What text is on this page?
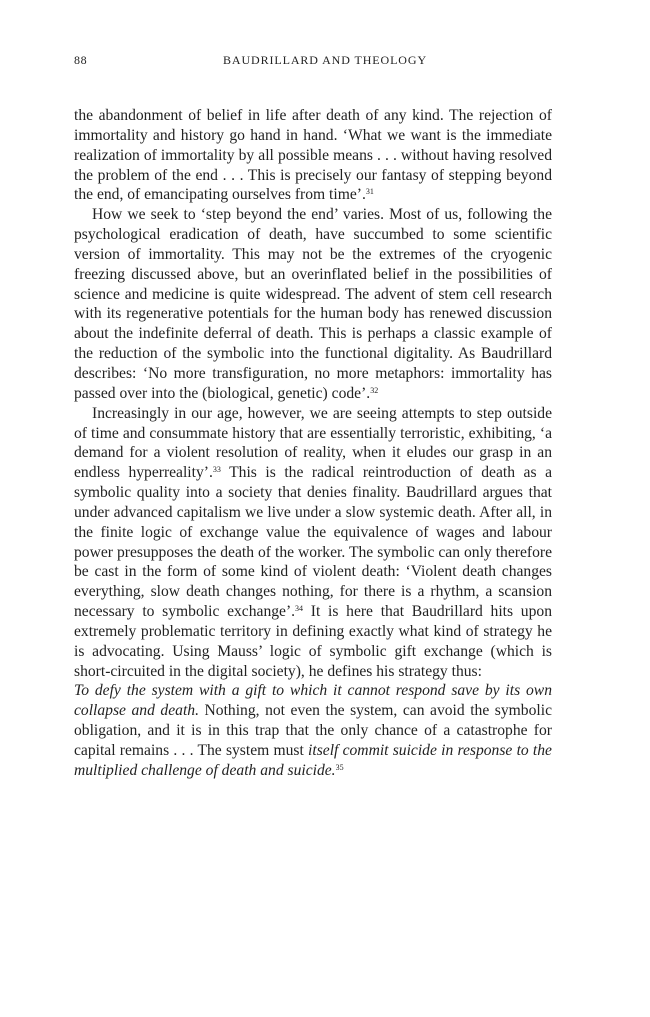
88	BAUDRILLARD AND THEOLOGY

the abandonment of belief in life after death of any kind. The rejection of immortality and history go hand in hand. ‘What we want is the immediate realization of immortality by all possible means . . . without having resolved the problem of the end . . . This is precisely our fantasy of stepping beyond the end, of emancipating ourselves from time’.$^{31}$

How we seek to ‘step beyond the end’ varies. Most of us, following the psychological eradication of death, have succumbed to some scientific version of immortality. This may not be the extremes of the cryogenic freezing discussed above, but an overinflated belief in the possibilities of science and medicine is quite widespread. The advent of stem cell research with its regenerative potentials for the human body has renewed discussion about the indefinite deferral of death. This is perhaps a classic example of the reduction of the symbolic into the functional digitality. As Baudrillard describes: ‘No more transfiguration, no more metaphors: immortality has passed over into the (biological, genetic) code’.$^{32}$

Increasingly in our age, however, we are seeing attempts to step outside of time and consummate history that are essentially terroristic, exhibiting, ‘a demand for a violent resolution of reality, when it eludes our grasp in an endless hyperreality’.$^{33}$ This is the radical reintroduction of death as a symbolic quality into a society that denies finality. Baudrillard argues that under advanced capitalism we live under a slow systemic death. After all, in the finite logic of exchange value the equivalence of wages and labour power presupposes the death of the worker. The symbolic can only therefore be cast in the form of some kind of violent death: ‘Violent death changes everything, slow death changes nothing, for there is a rhythm, a scansion necessary to symbolic exchange’.$^{34}$ It is here that Baudrillard hits upon extremely problematic territory in defining exactly what kind of strategy he is advocating. Using Mauss’ logic of symbolic gift exchange (which is short-circuited in the digital society), he defines his strategy thus:

To defy the system with a gift to which it cannot respond save by its own collapse and death. Nothing, not even the system, can avoid the symbolic obligation, and it is in this trap that the only chance of a catastrophe for capital remains . . . The system must itself commit suicide in response to the multiplied challenge of death and suicide.$^{35}$
